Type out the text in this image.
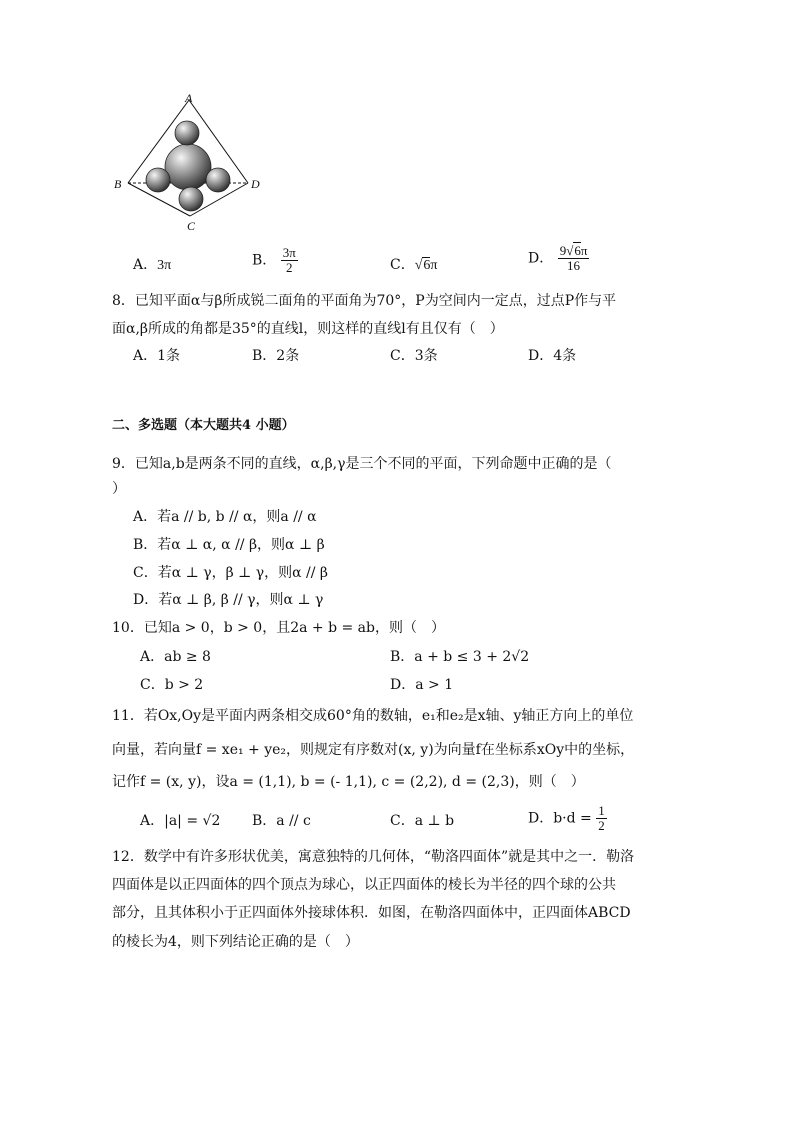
A
B
C
D
A．3π	B． $\frac{3\pi}{2}$	C．√6π	D． $\frac{9√6\pi}{16}$
8．已知平面α与β所成锐二面角的平面角为70°，P为空间内一定点，过点P作与平
面α,β所成的角都是35°的直线l，则这样的直线l有且仅有（　）
A．1条	B．2条	C．3条	D．4条
二、多选题（本大题共4 小题）
9．已知a,b是两条不同的直线，α,β,γ是三个不同的平面，下列命题中正确的是（
）
A．若a // b, b // α，则a // α
B．若α ⊥ α, α // β，则α ⊥ β
C．若α ⊥ γ，β ⊥ γ，则α // β
D．若α ⊥ β, β // γ，则α ⊥ γ
10．已知a > 0，b > 0，且2a + b = ab，则（　）
A．ab ≥ 8	B．a + b ≤ 3 + 2√2
C．b > 2	D．a > 1
11．若Ox,Oy是平面内两条相交成60°角的数轴，e₁和e₂是x轴、y轴正方向上的单位
向量，若向量f = xe₁ + ye₂，则规定有序数对(x, y)为向量f在坐标系xOy中的坐标，
记作f = (x, y)，设a = (1,1), b = (- 1,1), c = (2,2), d = (2,3)，则（　）
A．|a| = √2 B．a // c	C．a ⊥ b	D．$b\cdot d = \frac{1}{2}$
12．数学中有许多形状优美，寓意独特的几何体，“勒洛四面体”就是其中之一．勒洛
四面体是以正四面体的四个顶点为球心，以正四面体的棱长为半径的四个球的公共
部分，且其体积小于正四面体外接球体积．如图，在勒洛四面体中，正四面体ABCD
的棱长为4，则下列结论正确的是（　）
